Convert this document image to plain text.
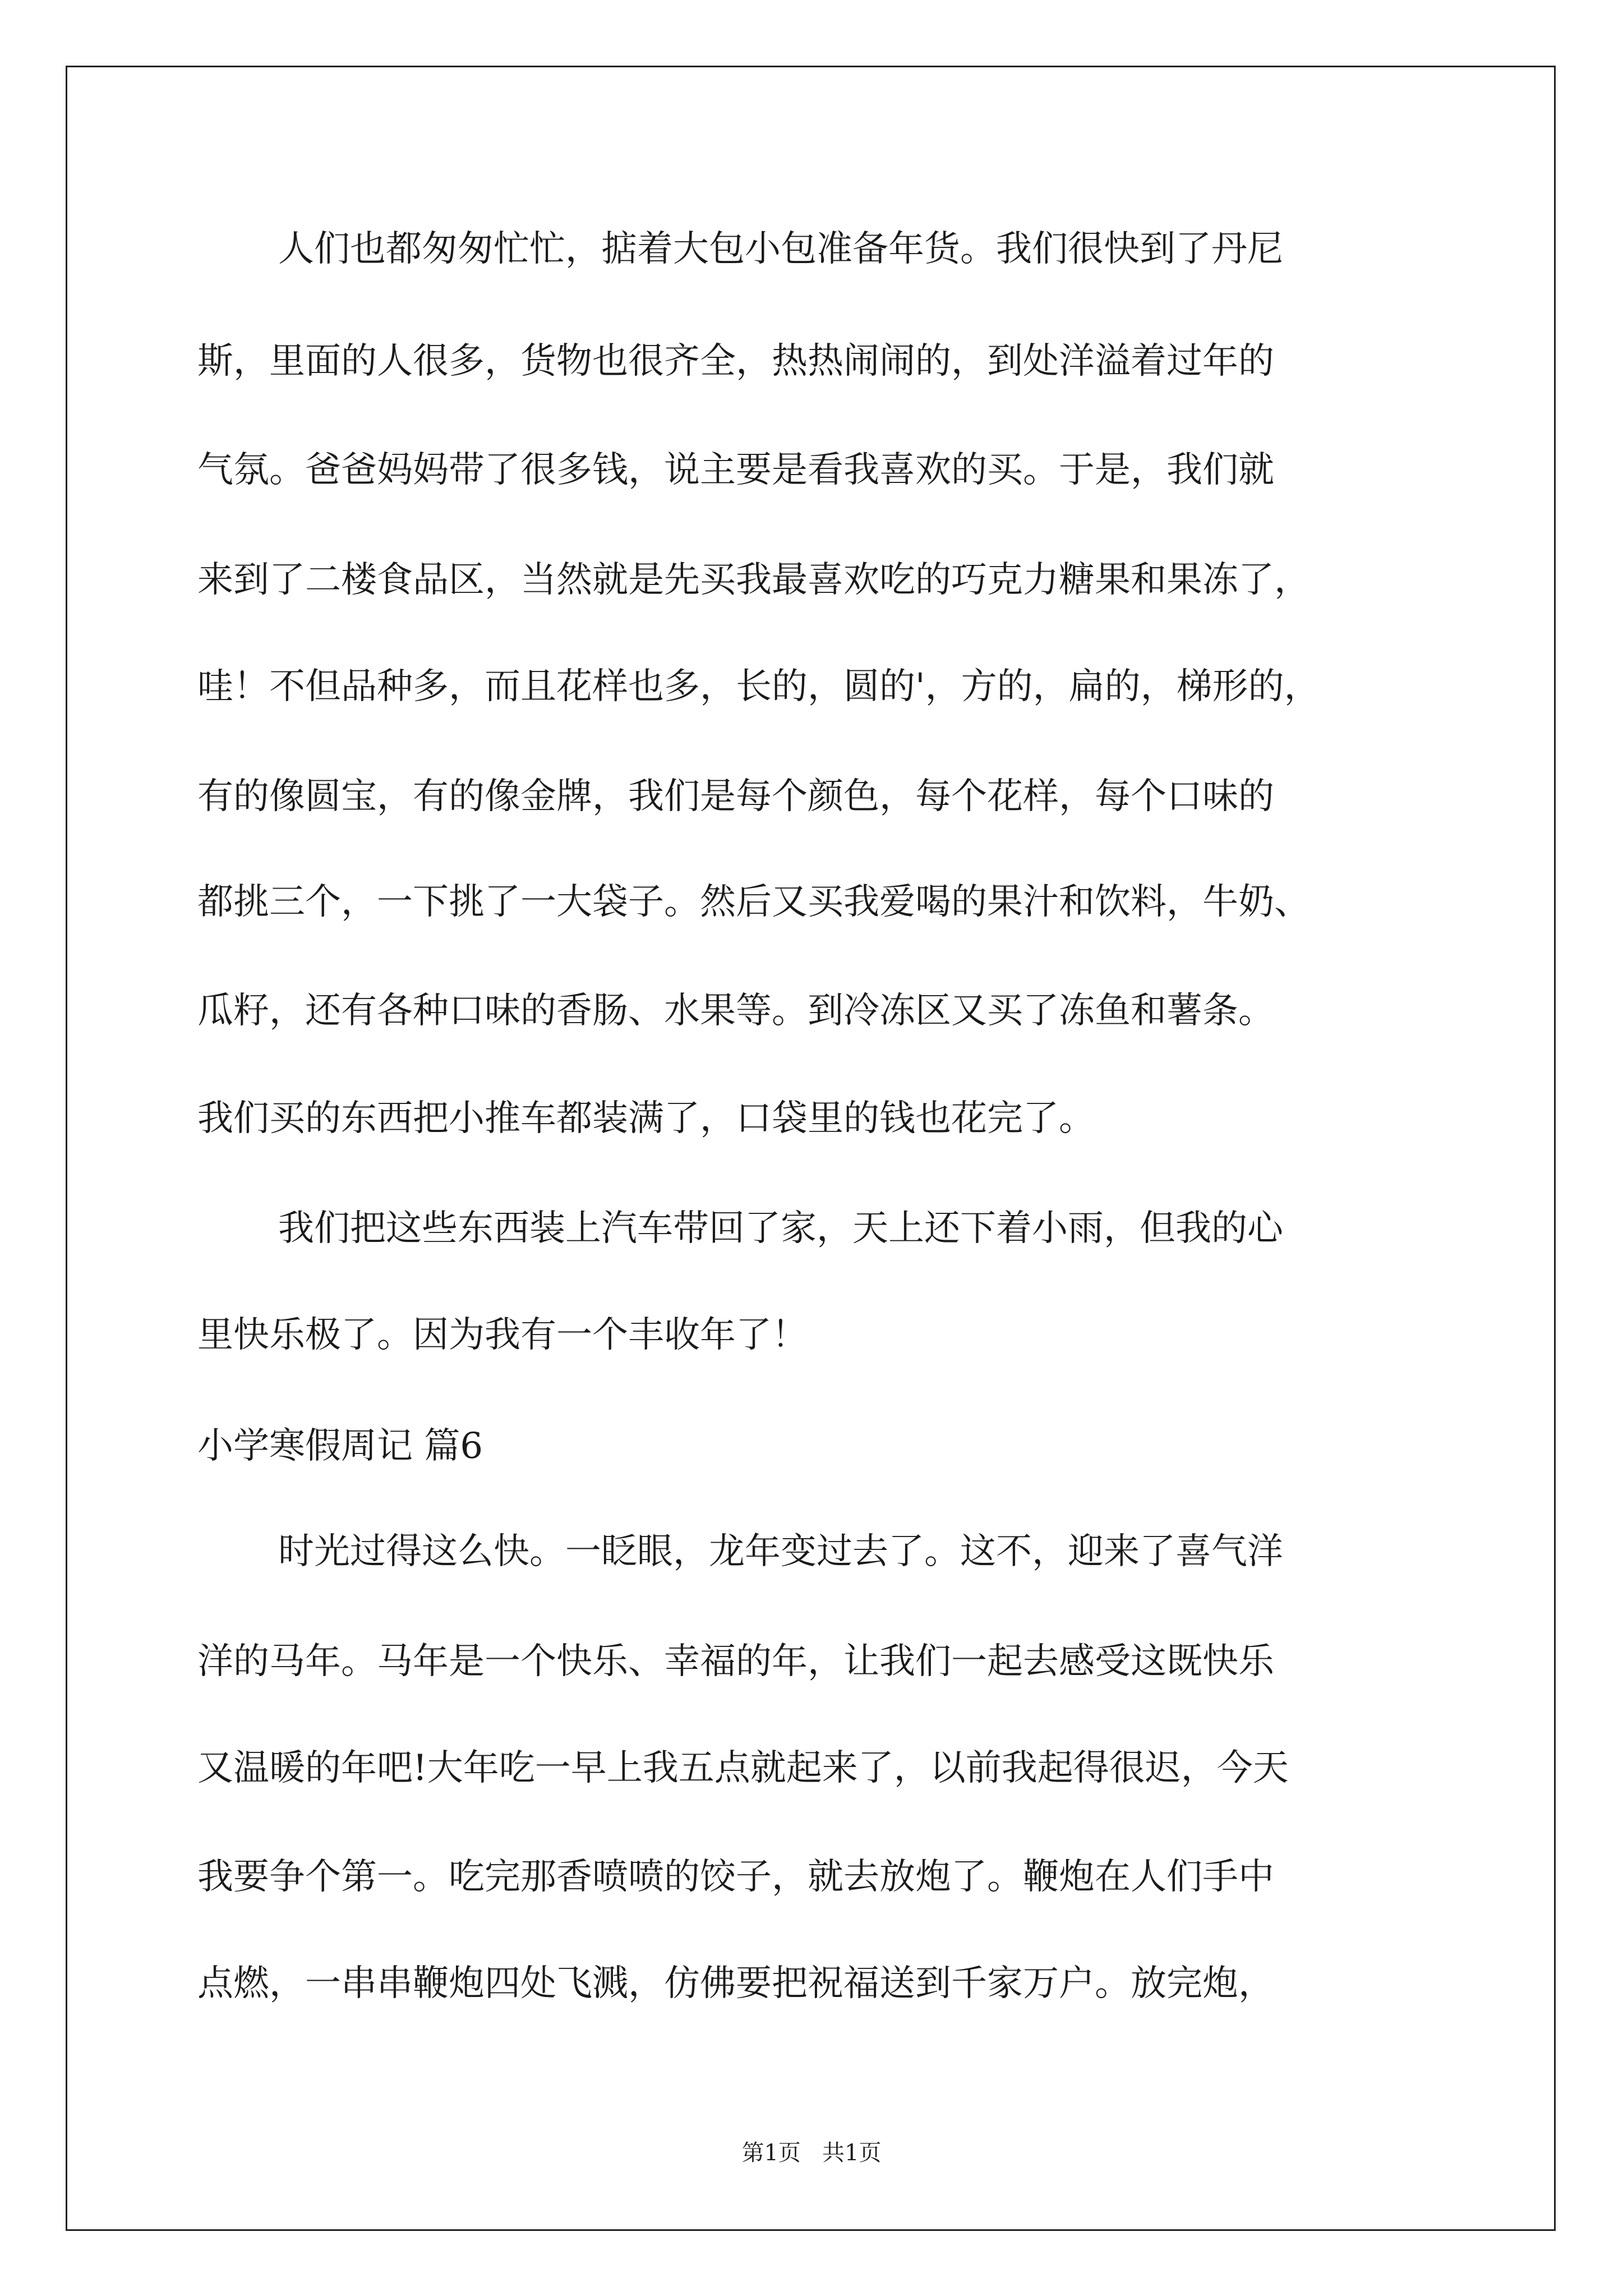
人们也都匆匆忙忙，掂着大包小包准备年货。我们很快到了丹尼
斯，里面的人很多，货物也很齐全，热热闹闹的，到处洋溢着过年的
气氛。爸爸妈妈带了很多钱，说主要是看我喜欢的买。于是，我们就
来到了二楼食品区，当然就是先买我最喜欢吃的巧克力糖果和果冻了，
哇！不但品种多，而且花样也多，长的，圆的'，方的，扁的，梯形的，
有的像圆宝，有的像金牌，我们是每个颜色，每个花样，每个口味的
都挑三个，一下挑了一大袋子。然后又买我爱喝的果汁和饮料，牛奶、
瓜籽，还有各种口味的香肠、水果等。到冷冻区又买了冻鱼和薯条。
我们买的东西把小推车都装满了，口袋里的钱也花完了。
我们把这些东西装上汽车带回了家，天上还下着小雨，但我的心
里快乐极了。因为我有一个丰收年了！
小学寒假周记 篇6
时光过得这么快。一眨眼，龙年变过去了。这不，迎来了喜气洋
洋的马年。马年是一个快乐、幸福的年，让我们一起去感受这既快乐
又温暖的年吧!大年吃一早上我五点就起来了，以前我起得很迟，今天
我要争个第一。吃完那香喷喷的饺子，就去放炮了。鞭炮在人们手中
点燃，一串串鞭炮四处飞溅，仿佛要把祝福送到千家万户。放完炮，
第1页   共1页
